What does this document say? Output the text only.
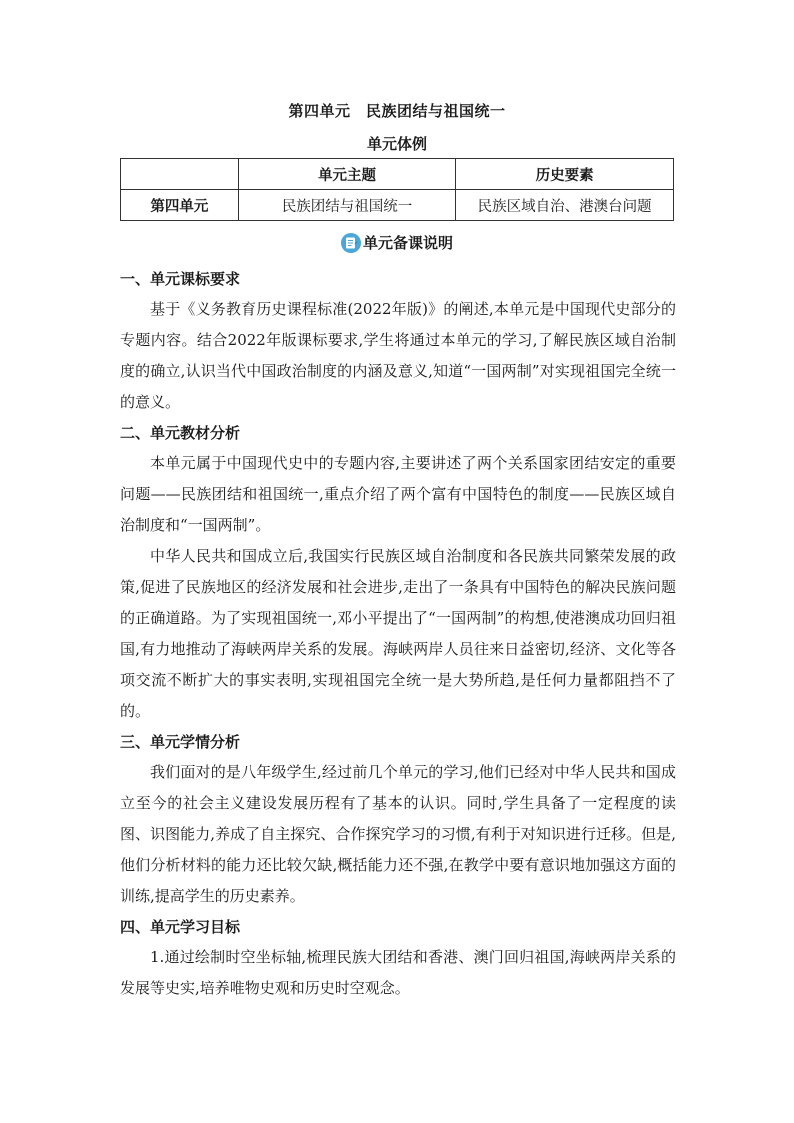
第四单元　民族团结与祖国统一
单元体例
	单元主题	历史要素
第四单元	民族团结与祖国统一	民族区域自治、港澳台问题
单元备课说明

一、单元课标要求

基于《义务教育历史课程标准(2022年版)》的阐述,本单元是中国现代史部分的专题内容。结合2022年版课标要求,学生将通过本单元的学习,了解民族区域自治制度的确立,认识当代中国政治制度的内涵及意义,知道“一国两制”对实现祖国完全统一的意义。

二、单元教材分析

本单元属于中国现代史中的专题内容,主要讲述了两个关系国家团结安定的重要问题——民族团结和祖国统一,重点介绍了两个富有中国特色的制度——民族区域自治制度和“一国两制”。

中华人民共和国成立后,我国实行民族区域自治制度和各民族共同繁荣发展的政策,促进了民族地区的经济发展和社会进步,走出了一条具有中国特色的解决民族问题的正确道路。为了实现祖国统一,邓小平提出了“一国两制”的构想,使港澳成功回归祖国,有力地推动了海峡两岸关系的发展。海峡两岸人员往来日益密切,经济、文化等各项交流不断扩大的事实表明,实现祖国完全统一是大势所趋,是任何力量都阻挡不了的。

三、单元学情分析

我们面对的是八年级学生,经过前几个单元的学习,他们已经对中华人民共和国成立至今的社会主义建设发展历程有了基本的认识。同时,学生具备了一定程度的读图、识图能力,养成了自主探究、合作探究学习的习惯,有利于对知识进行迁移。但是,他们分析材料的能力还比较欠缺,概括能力还不强,在教学中要有意识地加强这方面的训练,提高学生的历史素养。

四、单元学习目标

1.通过绘制时空坐标轴,梳理民族大团结和香港、澳门回归祖国,海峡两岸关系的发展等史实,培养唯物史观和历史时空观念。
